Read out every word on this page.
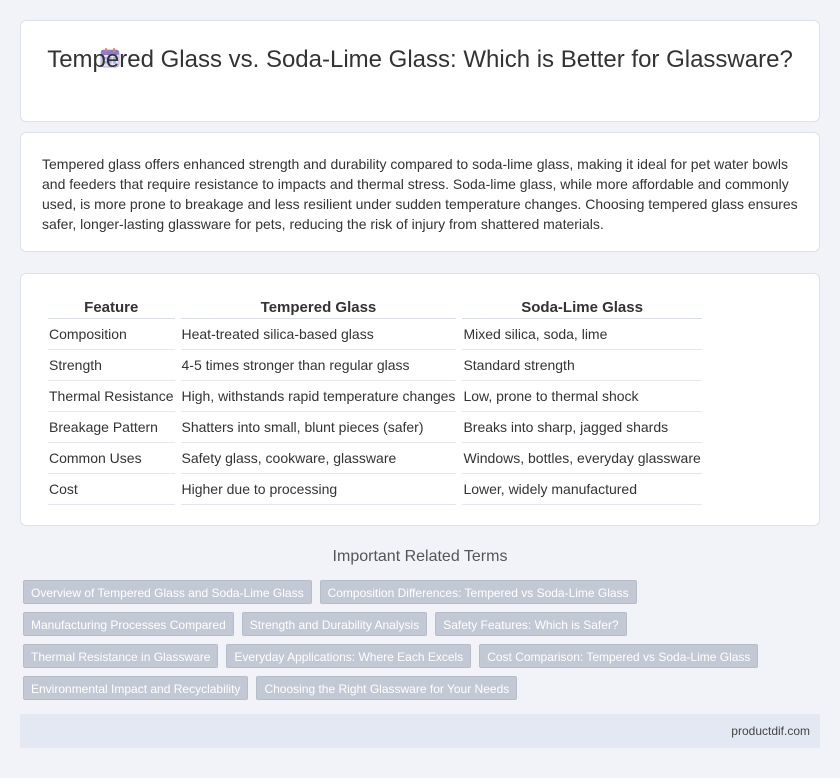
Tempered Glass vs. Soda-Lime Glass: Which is Better for Glassware?

Tempered glass offers enhanced strength and durability compared to soda-lime glass, making it ideal for pet water bowls and feeders that require resistance to impacts and thermal stress. Soda-lime glass, while more affordable and commonly used, is more prone to breakage and less resilient under sudden temperature changes. Choosing tempered glass ensures safer, longer-lasting glassware for pets, reducing the risk of injury from shattered materials.

Feature	Tempered Glass	Soda-Lime Glass
Composition	Heat-treated silica-based glass	Mixed silica, soda, lime
Strength	4-5 times stronger than regular glass	Standard strength
Thermal Resistance	High, withstands rapid temperature changes	Low, prone to thermal shock
Breakage Pattern	Shatters into small, blunt pieces (safer)	Breaks into sharp, jagged shards
Common Uses	Safety glass, cookware, glassware	Windows, bottles, everyday glassware
Cost	Higher due to processing	Lower, widely manufactured
Important Related Terms
Overview of Tempered Glass and Soda-Lime Glass	Composition Differences: Tempered vs Soda-Lime Glass
Manufacturing Processes Compared	Strength and Durability Analysis	Safety Features: Which is Safer?
Thermal Resistance in Glassware	Everyday Applications: Where Each Excels	Cost Comparison: Tempered vs Soda-Lime Glass
Environmental Impact and Recyclability	Choosing the Right Glassware for Your Needs
productdif.com
